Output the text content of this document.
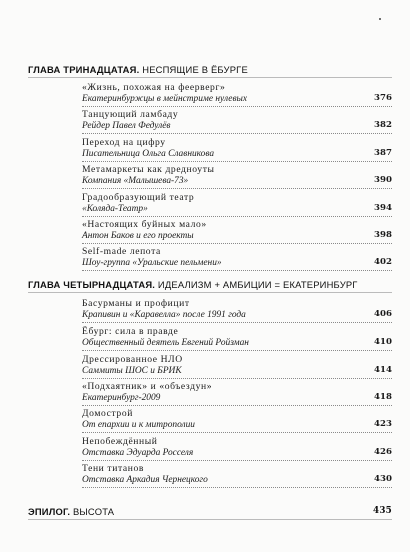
ГЛАВА ТРИНАДЦАТАЯ. НЕСПЯЩИЕ В ЁБУРГЕ
«Жизнь, похожая на феерверг»
Екатеринбуржцы в мейнстриме нулевых	376
Танцующий ламбаду
Рейдер Павел Федулёв	382
Переход на цифру
Писательница Ольга Славникова	387
Метамаркеты как дредноуты
Компания «Малышева-73»	390
Градообразующий театр
«Коляда-Театр»	394
«Настоящих буйных мало»
Антон Баков и его проекты	398
Self-made лепота
Шоу-группа «Уральские пельмени»	402
ГЛАВА ЧЕТЫРНАДЦАТАЯ. ИДЕАЛИЗМ + АМБИЦИИ = ЕКАТЕРИНБУРГ
Басурманы и профицит
Крапивин и «Каравелла» после 1991 года	406
Ёбург: сила в правде
Общественный деятель Евгений Ройзман	410
Дрессированное НЛО
Саммиты ШОС и БРИК	414
«Подхаятник» и «объездун»
Екатеринбург-2009	418
Домострой
От епархии и к митрополии	423
Непобеждённый
Отставка Эдуарда Росселя	426
Тени титанов
Отставка Аркадия Чернецкого	430
ЭПИЛОГ. ВЫСОТА	435
